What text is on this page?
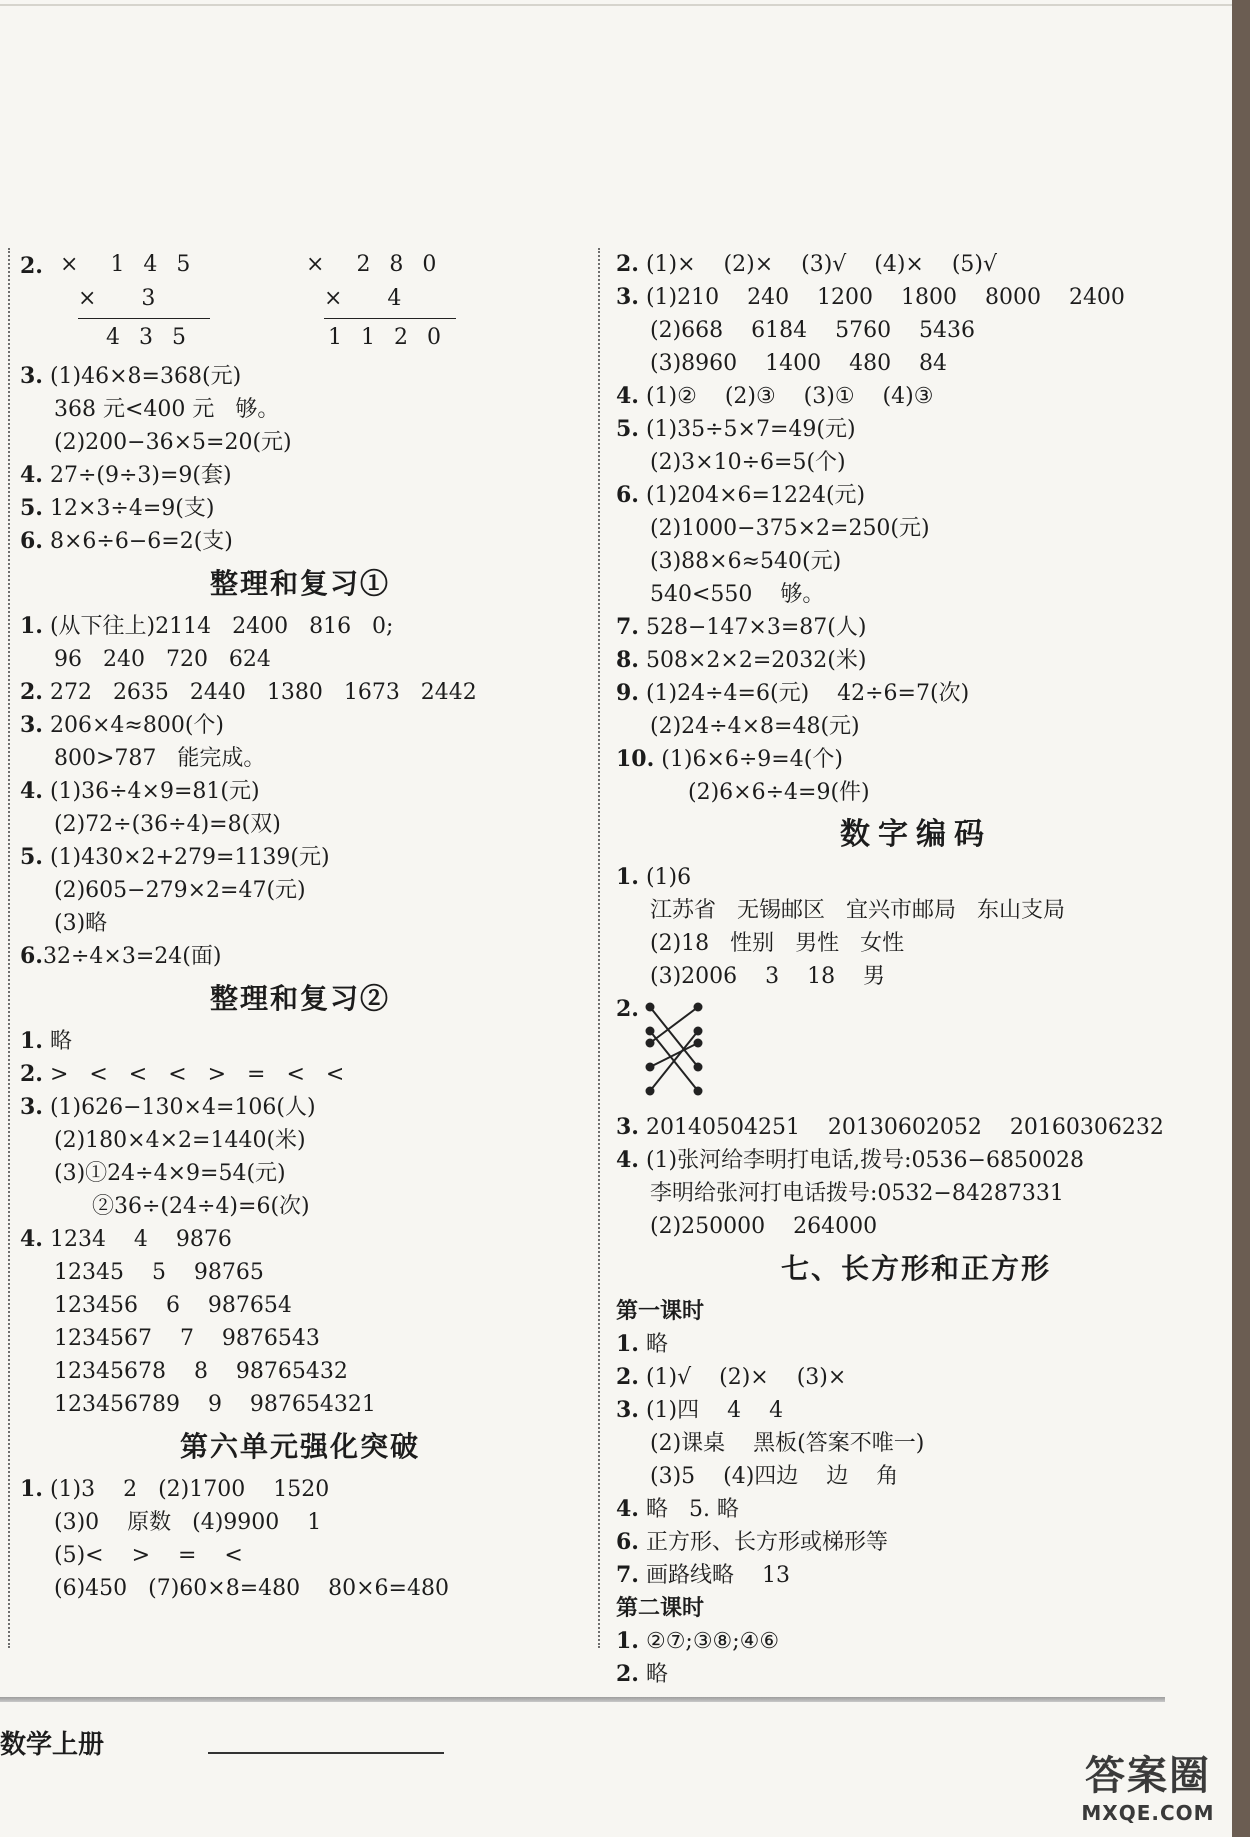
2. × 1 4 5
×   3
4 3 5
× 2 8 0
×   4
1 1 2 0
3. (1)46×8=368(元)
368 元<400 元   够。
(2)200−36×5=20(元)
4. 27÷(9÷3)=9(套)
5. 12×3÷4=9(支)
6. 8×6÷6−6=2(支)
整理和复习①
1. (从下往上)2114   2400   816   0;
96   240   720   624
2. 272   2635   2440   1380   1673   2442
3. 206×4≈800(个)
800>787   能完成。
4. (1)36÷4×9=81(元)
(2)72÷(36÷4)=8(双)
5. (1)430×2+279=1139(元)
(2)605−279×2=47(元)
(3)略
6.32÷4×3=24(面)
整理和复习②
1. 略
2. >   <   <   <   >   =   <   <
3. (1)626−130×4=106(人)
(2)180×4×2=1440(米)
(3)①24÷4×9=54(元)
②36÷(24÷4)=6(次)
4. 1234    4    9876
12345    5    98765
123456    6    987654
1234567    7    9876543
12345678    8    98765432
123456789    9    987654321
第六单元强化突破
1. (1)3    2   (2)1700    1520
(3)0    原数   (4)9900    1
(5)<    >    =    <
(6)450   (7)60×8=480    80×6=480
2. (1)×    (2)×    (3)√    (4)×    (5)√
3. (1)210    240    1200    1800    8000    2400
(2)668    6184    5760    5436
(3)8960    1400    480    84
4. (1)②    (2)③    (3)①    (4)③
5. (1)35÷5×7=49(元)
(2)3×10÷6=5(个)
6. (1)204×6=1224(元)
(2)1000−375×2=250(元)
(3)88×6≈540(元)
540<550    够。
7. 528−147×3=87(人)
8. 508×2×2=2032(米)
9. (1)24÷4=6(元)    42÷6=7(次)
(2)24÷4×8=48(元)
10. (1)6×6÷9=4(个)
(2)6×6÷4=9(件)
数字编码
1. (1)6
江苏省   无锡邮区   宜兴市邮局   东山支局
(2)18   性别   男性   女性
(3)2006    3    18    男
2.
3. 20140504251    20130602052    20160306232
4. (1)张河给李明打电话,拨号:0536−6850028
李明给张河打电话拨号:0532−84287331
(2)250000    264000
七、长方形和正方形
第一课时
1. 略
2. (1)√    (2)×    (3)×
3. (1)四    4    4
(2)课桌    黑板(答案不唯一)
(3)5    (4)四边    边    角
4. 略   5. 略
6. 正方形、长方形或梯形等
7. 画路线略    13
第二课时
1. ②⑦;③⑧;④⑥
2. 略
数学上册
答案圈
MXQE.COM
